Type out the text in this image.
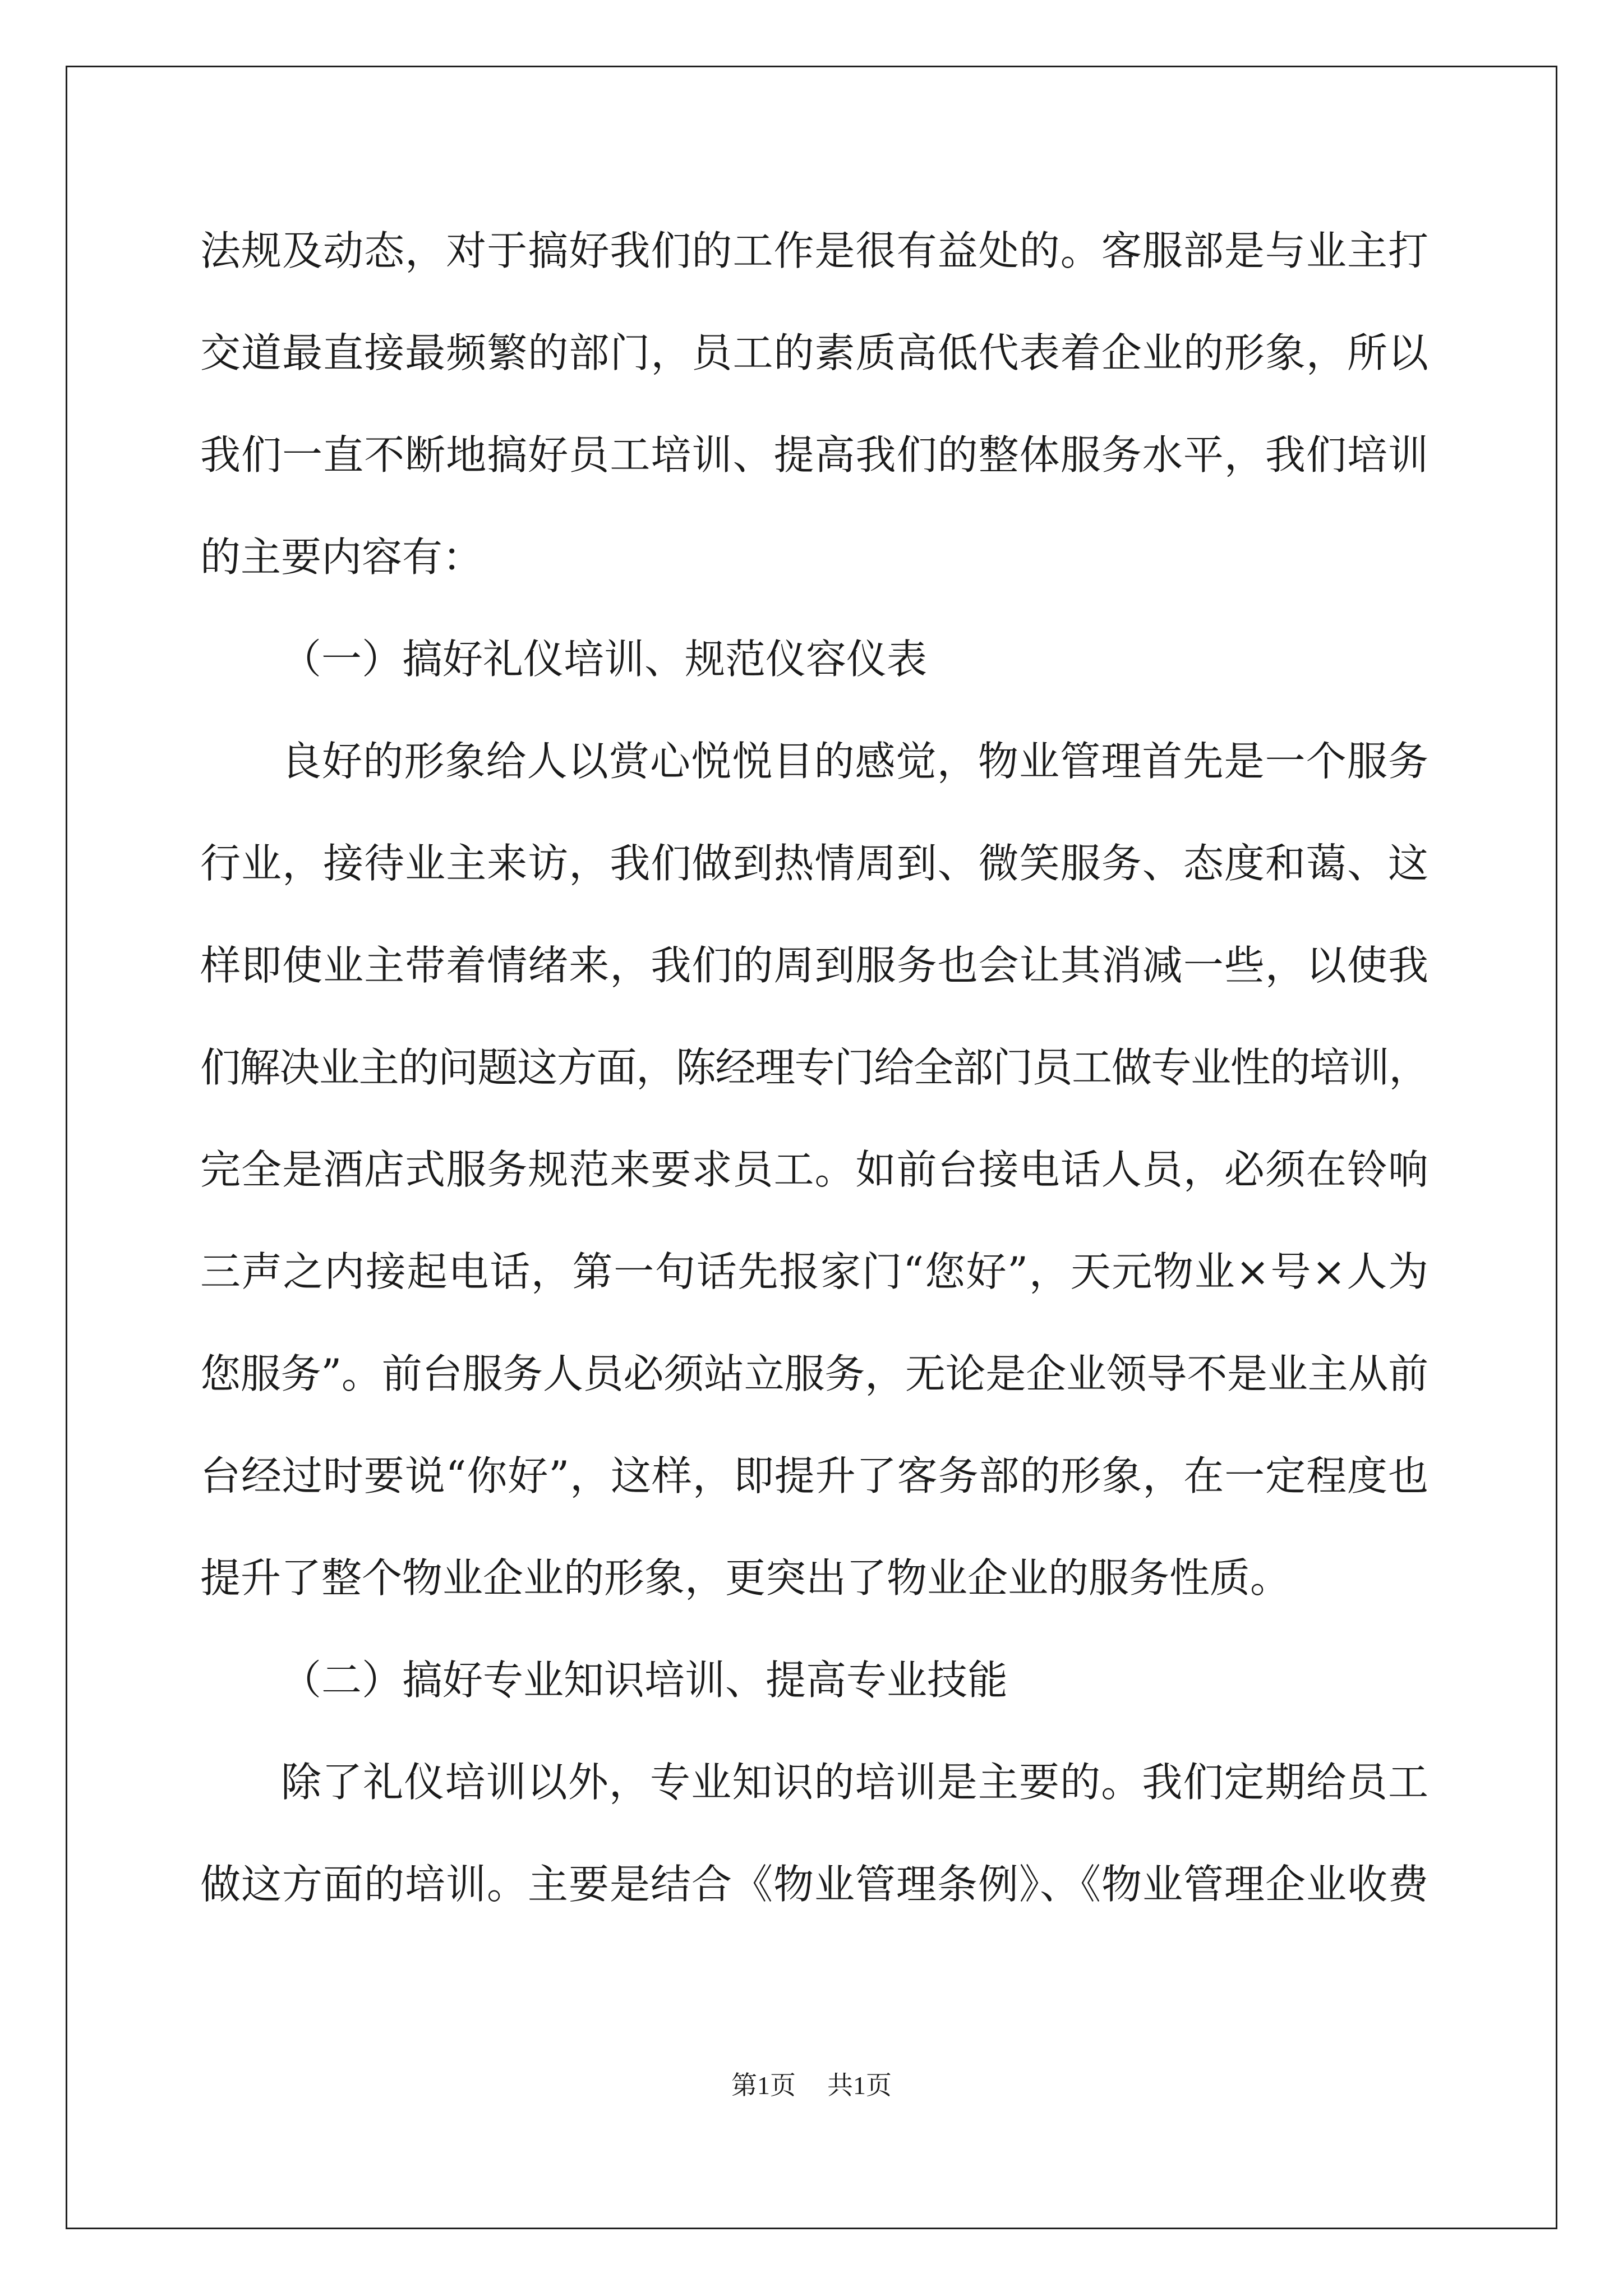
法规及动态，对于搞好我们的工作是很有益处的。客服部是与业主打
交道最直接最频繁的部门，员工的素质高低代表着企业的形象，所以
我们一直不断地搞好员工培训、提高我们的整体服务水平，我们培训
的主要内容有：
（一）搞好礼仪培训、规范仪容仪表
良好的形象给人以赏心悦悦目的感觉，物业管理首先是一个服务
行业，接待业主来访，我们做到热情周到、微笑服务、态度和蔼、这
样即使业主带着情绪来，我们的周到服务也会让其消减一些，以使我
们解决业主的问题这方面，陈经理专门给全部门员工做专业性的培训，
完全是酒店式服务规范来要求员工。如前台接电话人员，必须在铃响
三声之内接起电话，第一句话先报家门“您好”，天元物业×号×人为
您服务”。前台服务人员必须站立服务，无论是企业领导不是业主从前
台经过时要说“你好”，这样，即提升了客务部的形象，在一定程度也
提升了整个物业企业的形象，更突出了物业企业的服务性质。
（二）搞好专业知识培训、提高专业技能
除了礼仪培训以外，专业知识的培训是主要的。我们定期给员工
做这方面的培训。主要是结合《物业管理条例》、《物业管理企业收费
第1页 共1页
